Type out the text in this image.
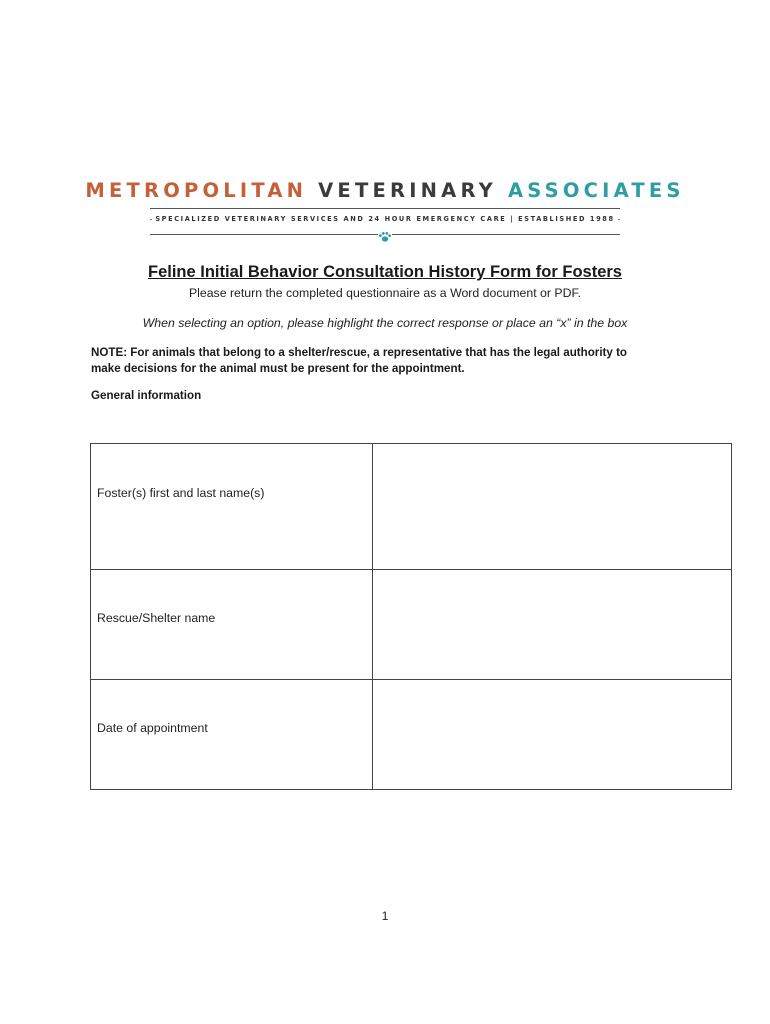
METROPOLITAN VETERINARY ASSOCIATES
SPECIALIZED VETERINARY SERVICES AND 24 HOUR EMERGENCY CARE | ESTABLISHED 1988
Feline Initial Behavior Consultation History Form for Fosters
Please return the completed questionnaire as a Word document or PDF.
When selecting an option, please highlight the correct response or place an “x” in the box
NOTE: For animals that belong to a shelter/rescue, a representative that has the legal authority to
make decisions for the animal must be present for the appointment.
General information
Foster(s) first and last name(s)	
Rescue/Shelter name	
Date of appointment	
1
